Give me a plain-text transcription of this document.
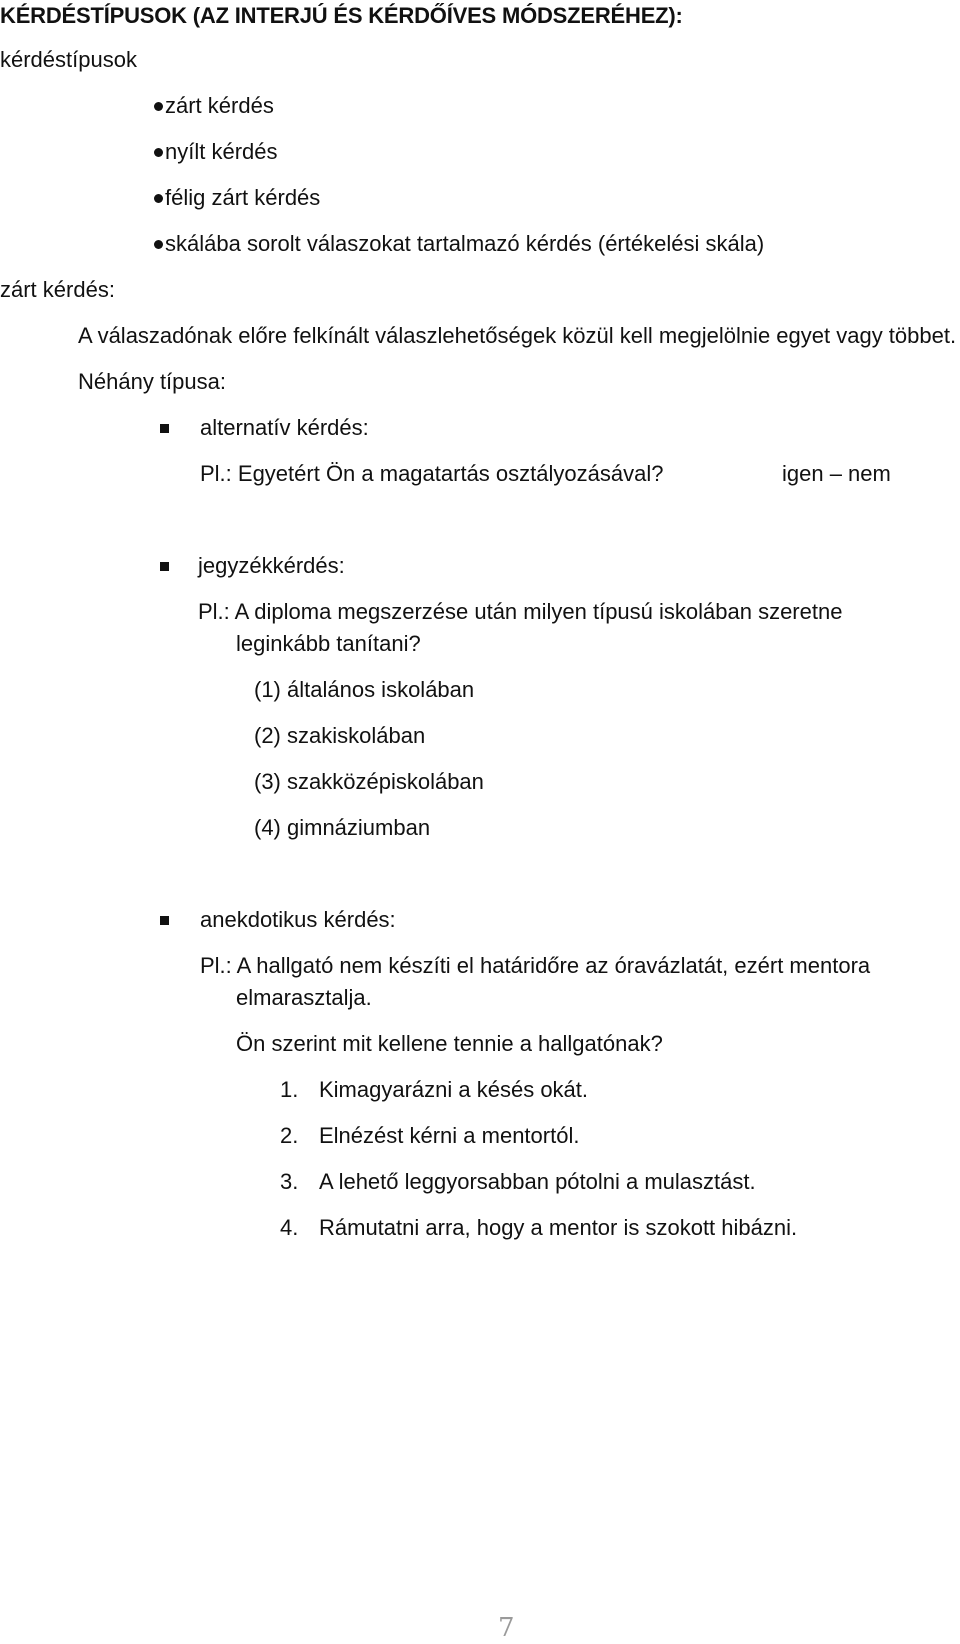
KÉRDÉSTÍPUSOK (AZ INTERJÚ ÉS KÉRDŐÍVES MÓDSZERÉHEZ):
kérdéstípusok
zárt kérdés
nyílt kérdés
félig zárt kérdés
skálába sorolt válaszokat tartalmazó kérdés (értékelési skála)
zárt kérdés:
A válaszadónak előre felkínált válaszlehetőségek közül kell megjelölnie egyet vagy többet.
Néhány típusa:
alternatív kérdés:
Pl.: Egyetért Ön a magatartás osztályozásával?	igen – nem
jegyzékkérdés:
Pl.: A diploma megszerzése után milyen típusú iskolában szeretne
leginkább tanítani?
(1) általános iskolában
(2) szakiskolában
(3) szakközépiskolában
(4) gimnáziumban
anekdotikus kérdés:
Pl.: A hallgató nem készíti el határidőre az óravázlatát, ezért mentora
elmarasztalja.
Ön szerint mit kellene tennie a hallgatónak?
1. Kimagyarázni a késés okát.
2. Elnézést kérni a mentortól.
3. A lehető leggyorsabban pótolni a mulasztást.
4. Rámutatni arra, hogy a mentor is szokott hibázni.
7
